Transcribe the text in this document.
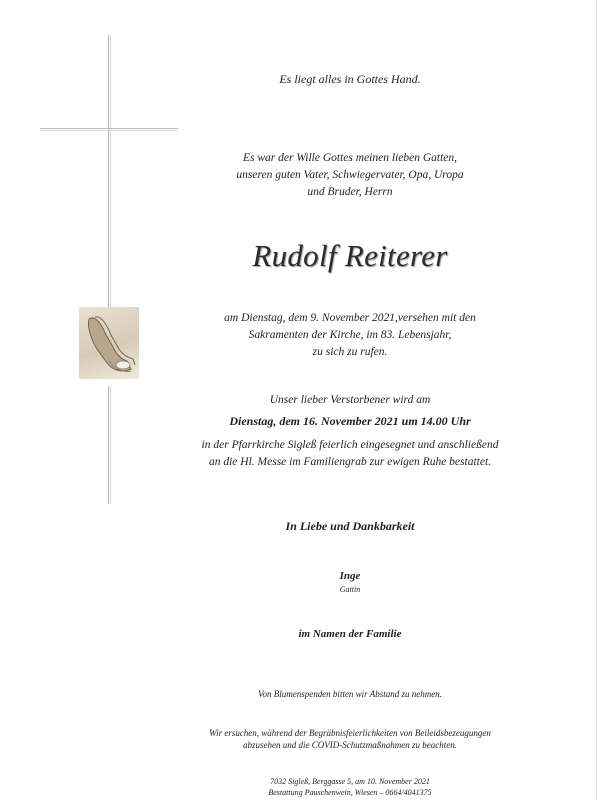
Es liegt alles in Gottes Hand.

Es war der Wille Gottes meinen lieben Gatten,

unseren guten Vater, Schwiegervater, Opa, Uropa

und Bruder, Herrn

Rudolf Reiterer

am Dienstag, dem 9. November 2021,versehen mit den

Sakramenten der Kirche, im 83. Lebensjahr,

zu sich zu rufen.

Unser lieber Verstorbener wird am

Dienstag, dem 16. November 2021 um 14.00 Uhr

in der Pfarrkirche Sigleß feierlich eingesegnet und anschließend

an die Hl. Messe im Familiengrab zur ewigen Ruhe bestattet.

In Liebe und Dankbarkeit

Inge

Gattin

im Namen der Familie

Von Blumenspenden bitten wir Abstand zu nehmen.

Wir ersuchen, während der Begräbnisfeierlichkeiten von Beileidsbezeugungen

abzusehen und die COVID-Schutzmaßnahmen zu beachten.

7032 Sigleß, Berggasse 5, am 10. November 2021

Bestattung Pauschenwein, Wiesen – 0664/4041375
